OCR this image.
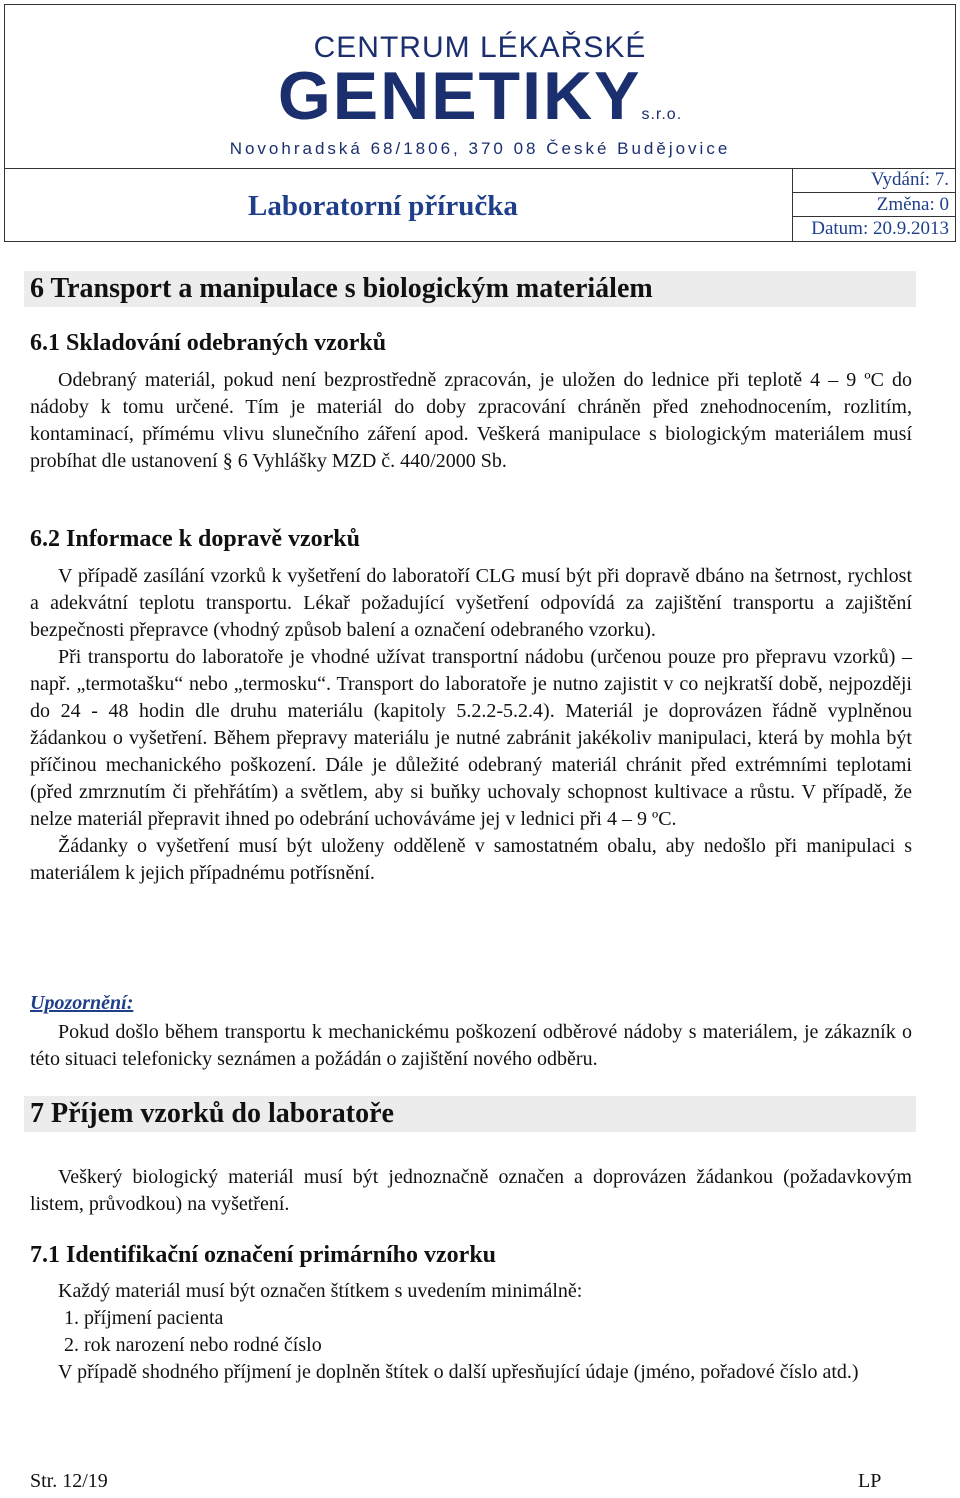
CENTRUM LÉKAŘSKÉ
GENETIKYs.r.o.
Novohradská 68/1806, 370 08 České Budějovice
Laboratorní příručka
Vydání: 7.
Změna: 0
Datum: 20.9.2013
6 Transport a manipulace s biologickým materiálem
6.1 Skladování odebraných vzorků

Odebraný materiál, pokud není bezprostředně zpracován, je uložen do lednice při teplotě 4 – 9 ºC do nádoby k tomu určené. Tím je materiál do doby zpracování chráněn před znehodnocením, rozlitím, kontaminací, přímému vlivu slunečního záření apod. Veškerá manipulace s biologickým materiálem musí probíhat dle ustanovení § 6 Vyhlášky MZD č. 440/2000 Sb.

6.2 Informace k dopravě vzorků

V případě zasílání vzorků k vyšetření do laboratoří CLG musí být při dopravě dbáno na šetrnost, rychlost a adekvátní teplotu transportu. Lékař požadující vyšetření odpovídá za zajištění transportu a zajištění bezpečnosti přepravce (vhodný způsob balení a označení odebraného vzorku).

Při transportu do laboratoře je vhodné užívat transportní nádobu (určenou pouze pro přepravu vzorků) – např. „termotašku“ nebo „termosku“. Transport do laboratoře je nutno zajistit v co nejkratší době, nejpozději do 24 - 48 hodin dle druhu materiálu (kapitoly 5.2.2-5.2.4). Materiál je doprovázen řádně vyplněnou žádankou o vyšetření. Během přepravy materiálu je nutné zabránit jakékoliv manipulaci, která by mohla být příčinou mechanického poškození. Dále je důležité odebraný materiál chránit před extrémními teplotami (před zmrznutím či přehřátím) a světlem, aby si buňky uchovaly schopnost kultivace a růstu. V případě, že nelze materiál přepravit ihned po odebrání uchováváme jej v lednici při 4 – 9 ºC.

Žádanky o vyšetření musí být uloženy odděleně v samostatném obalu, aby nedošlo při manipulaci s materiálem k jejich případnému potřísnění.

Upozornění:

Pokud došlo během transportu k mechanickému poškození odběrové nádoby s materiálem, je zákazník o této situaci telefonicky seznámen a požádán o zajištění nového odběru.

7 Příjem vzorků do laboratoře

Veškerý biologický materiál musí být jednoznačně označen a doprovázen žádankou (požadavkovým listem, průvodkou) na vyšetření.

7.1 Identifikační označení primárního vzorku
Každý materiál musí být označen štítkem s uvedením minimálně:
1. příjmení pacienta
2. rok narození nebo rodné číslo

V případě shodného příjmení je doplněn štítek o další upřesňující údaje (jméno, pořadové číslo atd.)

Str. 12/19	LP
